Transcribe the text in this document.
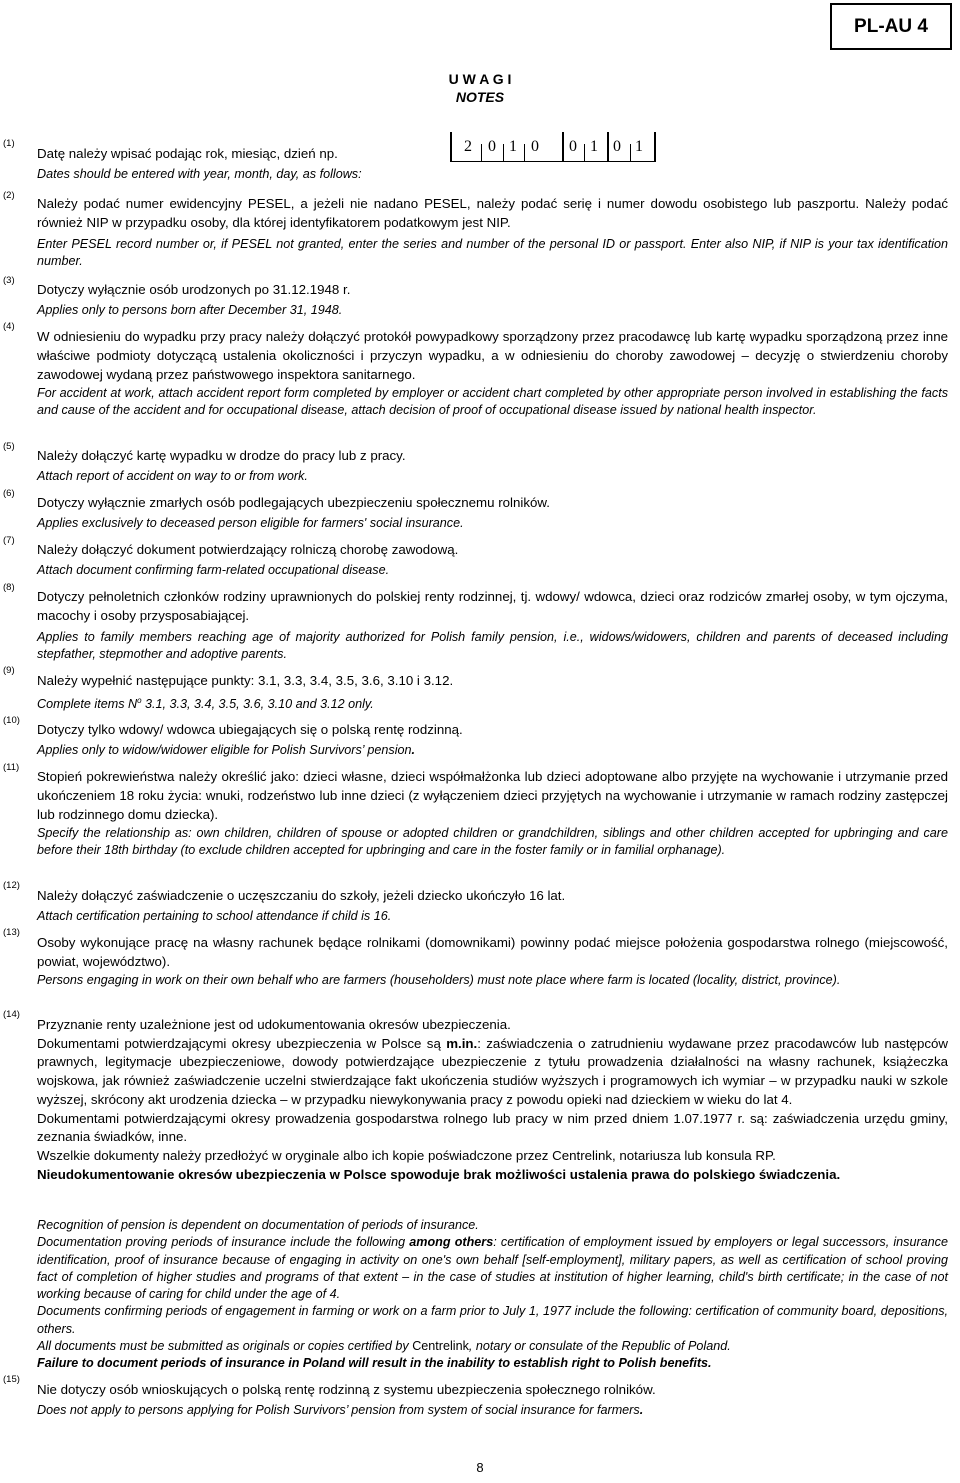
PL-AU 4
U W A G I
NOTES
(1)
Datę należy wpisać podając rok, miesiąc, dzień np.
Dates should be entered with year, month, day, as follows:
2 0 1 0 0 1 0 1
(2)
Należy podać numer ewidencyjny PESEL, a jeżeli nie nadano PESEL, należy podać serię i numer dowodu osobistego lub paszportu. Należy podać również NIP w przypadku osoby, dla której identyfikatorem podatkowym jest NIP.
Enter PESEL record number or, if PESEL not granted, enter the series and number of the personal ID or passport. Enter also NIP, if NIP is your tax identification number.
(3)
Dotyczy wyłącznie osób urodzonych po 31.12.1948 r.
Applies only to persons born after December 31, 1948.
(4)
W odniesieniu do wypadku przy pracy należy dołączyć protokół powypadkowy sporządzony przez pracodawcę lub kartę wypadku sporządzoną przez inne właściwe podmioty dotyczącą ustalenia okoliczności i przyczyn wypadku, a w odniesieniu do choroby zawodowej – decyzję o stwierdzeniu choroby zawodowej wydaną przez państwowego inspektora sanitarnego.
For accident at work, attach accident report form completed by employer or accident chart completed by other appropriate person involved in establishing the facts and cause of the accident and for occupational disease, attach decision of proof of occupational disease issued by national health inspector.
(5)
Należy dołączyć kartę wypadku w drodze do pracy lub z pracy.
Attach report of accident on way to or from work.
(6)
Dotyczy wyłącznie zmarłych osób podlegających ubezpieczeniu społecznemu rolników.
Applies exclusively to deceased person eligible for farmers' social insurance.
(7)
Należy dołączyć dokument potwierdzający rolniczą chorobę zawodową.
Attach document confirming farm-related occupational disease.
(8)
Dotyczy pełnoletnich członków rodziny uprawnionych do polskiej renty rodzinnej, tj. wdowy/ wdowca, dzieci oraz rodziców zmarłej osoby, w tym ojczyma, macochy i osoby przysposabiającej.
Applies to family members reaching age of majority authorized for Polish family pension, i.e., widows/widowers, children and parents of deceased including stepfather, stepmother and adoptive parents.
(9)
Należy wypełnić następujące punkty: 3.1, 3.3, 3.4, 3.5, 3.6, 3.10 i 3.12.
Complete items $N^o$ 3.1, 3.3, 3.4, 3.5, 3.6, 3.10 and 3.12 only.
(10)
Dotyczy tylko wdowy/ wdowca ubiegających się o polską rentę rodzinną.
Applies only to widow/widower eligible for Polish Survivors’ pension.
(11)
Stopień pokrewieństwa należy określić jako: dzieci własne, dzieci współmałżonka lub dzieci adoptowane albo przyjęte na wychowanie i utrzymanie przed ukończeniem 18 roku życia: wnuki, rodzeństwo lub inne dzieci (z wyłączeniem dzieci przyjętych na wychowanie i utrzymanie w ramach rodziny zastępczej lub rodzinnego domu dziecka).
Specify the relationship as: own children, children of spouse or adopted children or grandchildren, siblings and other children accepted for upbringing and care before their 18th birthday (to exclude children accepted for upbringing and care in the foster family or in familial orphanage).
(12)
Należy dołączyć zaświadczenie o uczęszczaniu do szkoły, jeżeli dziecko ukończyło 16 lat.
Attach certification pertaining to school attendance if child is 16.
(13)
Osoby wykonujące pracę na własny rachunek będące rolnikami (domownikami) powinny podać miejsce położenia gospodarstwa rolnego (miejscowość, powiat, województwo).
Persons engaging in work on their own behalf who are farmers (householders) must note place where farm is located (locality, district, province).
(14)
Przyznanie renty uzależnione jest od udokumentowania okresów ubezpieczenia.
Dokumentami potwierdzającymi okresy ubezpieczenia w Polsce są m.in.: zaświadczenia o zatrudnieniu wydawane przez pracodawców lub następców prawnych, legitymacje ubezpieczeniowe, dowody potwierdzające ubezpieczenie z tytułu prowadzenia działalności na własny rachunek, książeczka wojskowa, jak również zaświadczenie uczelni stwierdzające fakt ukończenia studiów wyższych i programowych ich wymiar – w przypadku nauki w szkole wyższej, skrócony akt urodzenia dziecka – w przypadku niewykonywania pracy z powodu opieki nad dzieckiem w wieku do lat 4.
Dokumentami potwierdzającymi okresy prowadzenia gospodarstwa rolnego lub pracy w nim przed dniem 1.07.1977 r. są: zaświadczenia urzędu gminy, zeznania świadków, inne.
Wszelkie dokumenty należy przedłożyć w oryginale albo ich kopie poświadczone przez Centrelink, notariusza lub konsula RP.
Nieudokumentowanie okresów ubezpieczenia w Polsce spowoduje brak możliwości ustalenia prawa do polskiego świadczenia.
Recognition of pension is dependent on documentation of periods of insurance.
Documentation proving periods of insurance include the following among others: certification of employment issued by employers or legal successors, insurance identification, proof of insurance because of engaging in activity on one's own behalf [self-employment], military papers, as well as certification of school proving fact of completion of higher studies and programs of that extent – in the case of studies at institution of higher learning, child's birth certificate; in the case of not working because of caring for child under the age of 4.
Documents confirming periods of engagement in farming or work on a farm prior to July 1, 1977 include the following: certification of community board, depositions, others.
All documents must be submitted as originals or copies certified by Centrelink, notary or consulate of the Republic of Poland.
Failure to document periods of insurance in Poland will result in the inability to establish right to Polish benefits.
(15)
Nie dotyczy osób wnioskujących o polską rentę rodzinną z systemu ubezpieczenia społecznego rolników.
Does not apply to persons applying for Polish Survivors’ pension from system of social insurance for farmers.
8
